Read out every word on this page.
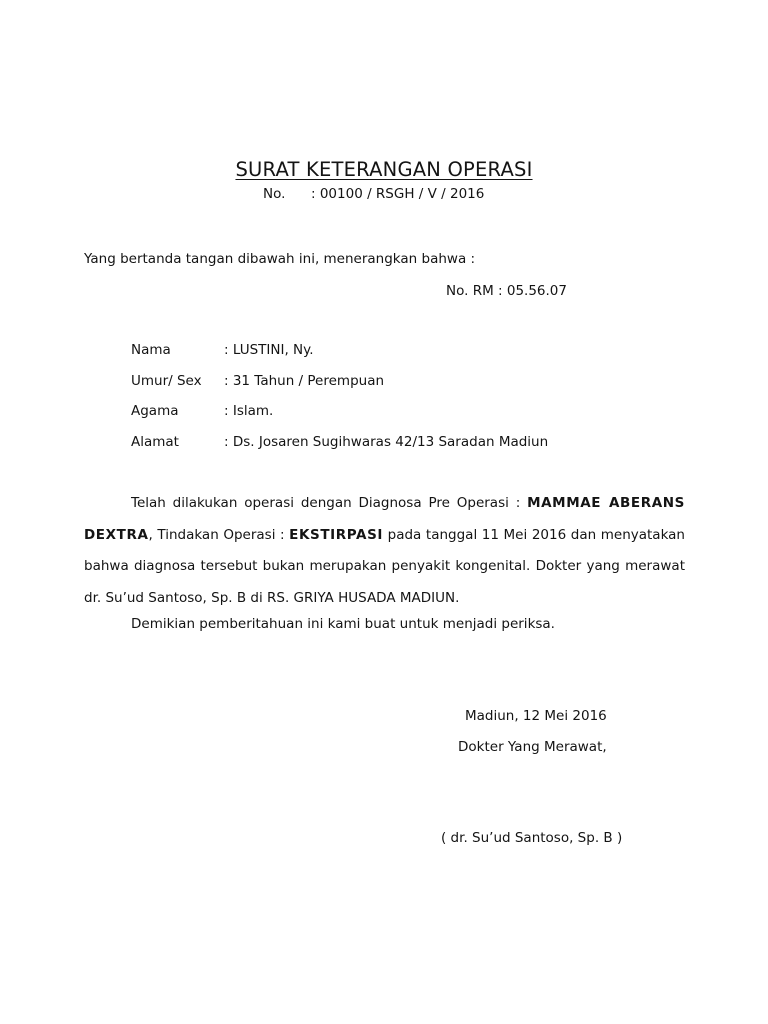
SURAT KETERANGAN OPERASI
No. : 00100 / RSGH / V / 2016
Yang bertanda tangan dibawah ini, menerangkan bahwa :
No. RM : 05.56.07
Nama	: LUSTINI, Ny.
Umur/ Sex : 31 Tahun / Perempuan
Agama	: Islam.
Alamat	: Ds. Josaren Sugihwaras 42/13 Saradan Madiun

Telah dilakukan operasi dengan Diagnosa Pre Operasi : MAMMAE ABERANS DEXTRA, Tindakan Operasi : EKSTIRPASI pada tanggal 11 Mei 2016 dan menyatakan bahwa diagnosa tersebut bukan merupakan penyakit kongenital. Dokter yang merawat dr. Su’ud Santoso, Sp. B di RS. GRIYA HUSADA MADIUN.

Demikian pemberitahuan ini kami buat untuk menjadi periksa.
Madiun, 12 Mei 2016
Dokter Yang Merawat,
( dr. Su’ud Santoso, Sp. B )
